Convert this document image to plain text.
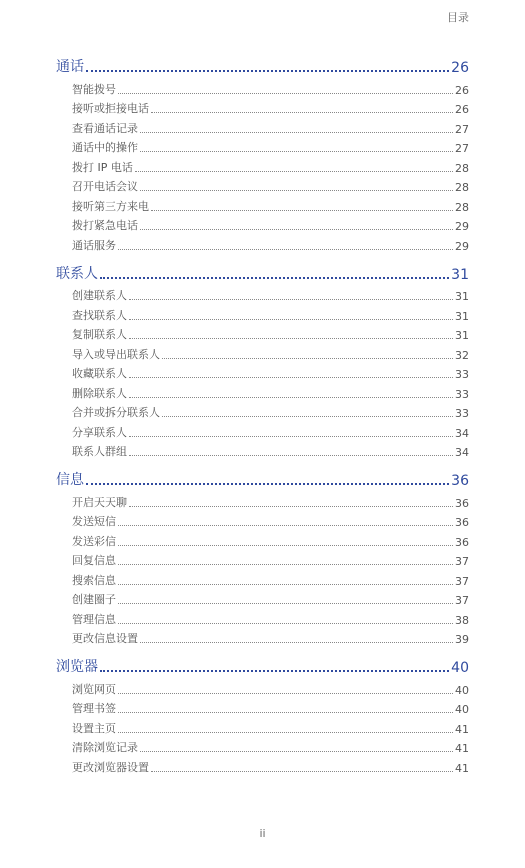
目录
通话	26
智能拨号	26
接听或拒接电话	26
查看通话记录	27
通话中的操作	27
拨打 IP 电话	28
召开电话会议	28
接听第三方来电	28
拨打紧急电话	29
通话服务	29
联系人	31
创建联系人	31
查找联系人	31
复制联系人	31
导入或导出联系人	32
收藏联系人	33
删除联系人	33
合并或拆分联系人	33
分享联系人	34
联系人群组	34
信息	36
开启天天聊	36
发送短信	36
发送彩信	36
回复信息	37
搜索信息	37
创建圈子	37
管理信息	38
更改信息设置	39
浏览器	40
浏览网页	40
管理书签	40
设置主页	41
清除浏览记录	41
更改浏览器设置	41
ii
